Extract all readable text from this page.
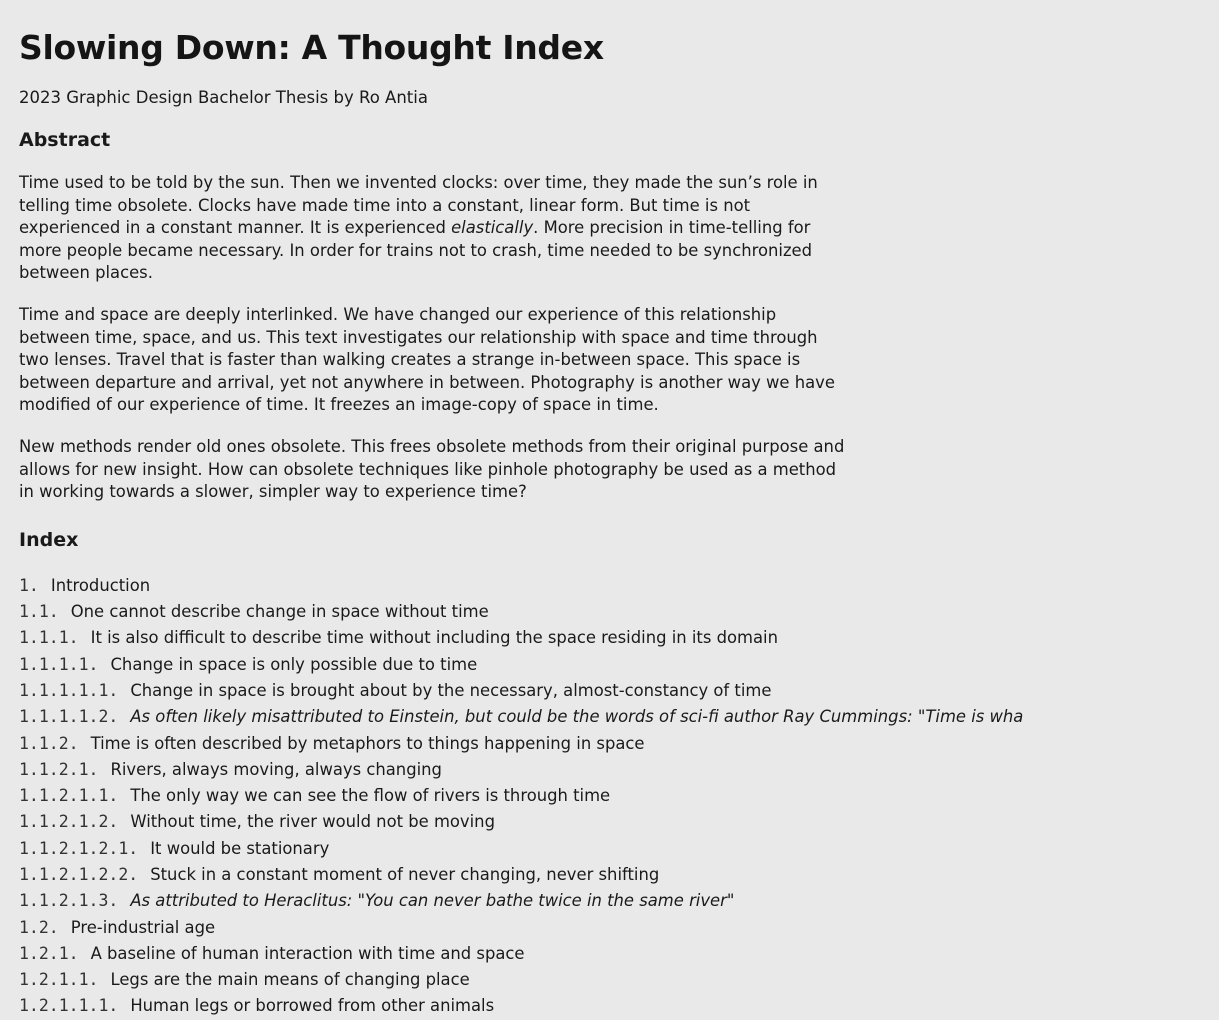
Slowing Down: A Thought Index
2023 Graphic Design Bachelor Thesis by Ro Antia
Abstract

Time used to be told by the sun. Then we invented clocks: over time, they made the sun’s role in telling time obsolete. Clocks have made time into a constant, linear form. But time is not experienced in a constant manner. It is experienced elastically. More precision in time-telling for more people became necessary. In order for trains not to crash, time needed to be synchronized between places.

Time and space are deeply interlinked. We have changed our experience of this relationship between time, space, and us. This text investigates our relationship with space and time through two lenses. Travel that is faster than walking creates a strange in-between space. This space is between departure and arrival, yet not anywhere in between. Photography is another way we have modified of our experience of time. It freezes an image-copy of space in time.

New methods render old ones obsolete. This frees obsolete methods from their original purpose and allows for new insight. How can obsolete techniques like pinhole photography be used as a method in working towards a slower, simpler way to experience time?

Index
1. Introduction
1.1. One cannot describe change in space without time
1.1.1. It is also difficult to describe time without including the space residing in its domain
1.1.1.1. Change in space is only possible due to time
1.1.1.1.1. Change in space is brought about by the necessary, almost-constancy of time
1.1.1.1.2. As often likely misattributed to Einstein, but could be the words of sci-fi author Ray Cummings: "Time is wha
1.1.2. Time is often described by metaphors to things happening in space
1.1.2.1. Rivers, always moving, always changing
1.1.2.1.1. The only way we can see the flow of rivers is through time
1.1.2.1.2. Without time, the river would not be moving
1.1.2.1.2.1. It would be stationary
1.1.2.1.2.2. Stuck in a constant moment of never changing, never shifting
1.1.2.1.3. As attributed to Heraclitus: "You can never bathe twice in the same river"
1.2. Pre-industrial age
1.2.1. A baseline of human interaction with time and space
1.2.1.1. Legs are the main means of changing place
1.2.1.1.1. Human legs or borrowed from other animals
